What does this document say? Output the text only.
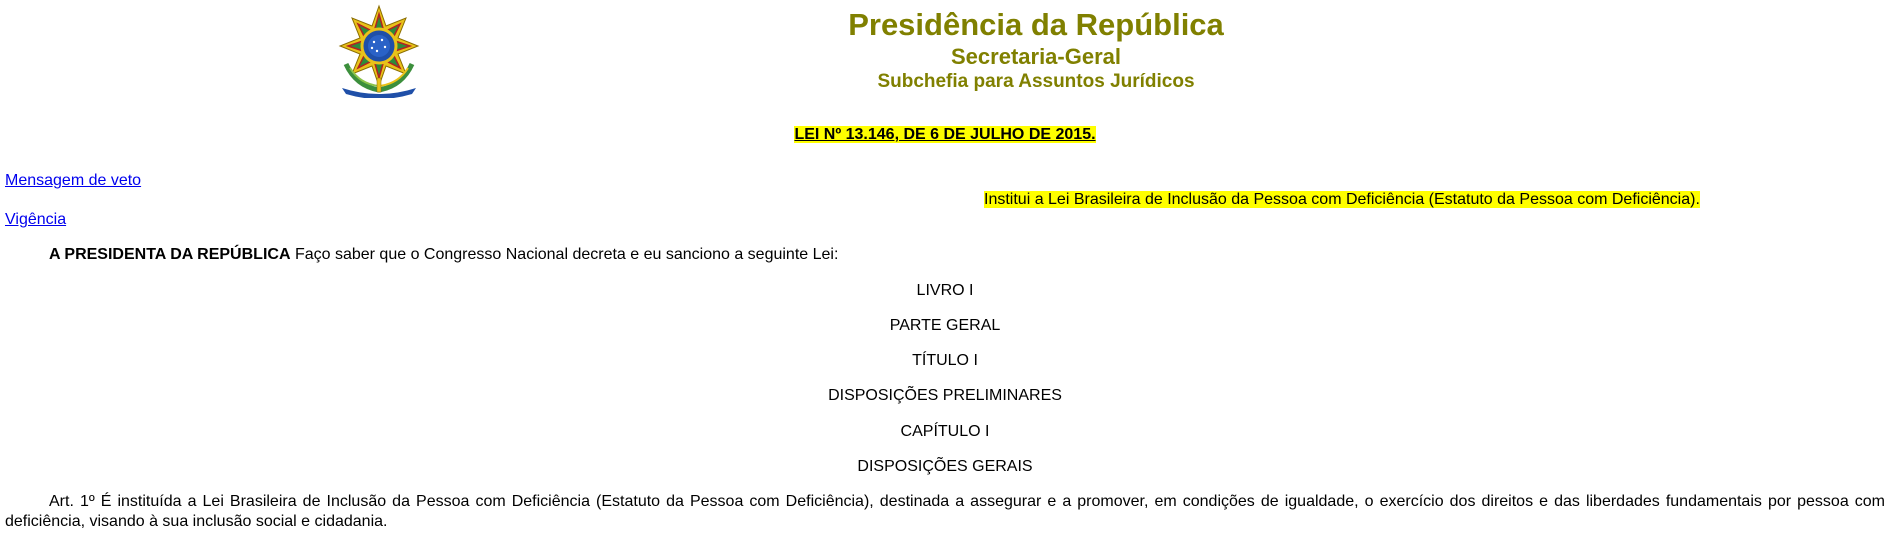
Presidência da República
Secretaria-Geral
Subchefia para Assuntos Jurídicos
LEI Nº 13.146, DE 6 DE JULHO DE 2015.
Mensagem de veto
Vigência
Institui a Lei Brasileira de Inclusão da Pessoa com Deficiência (Estatuto da Pessoa com Deficiência).
A PRESIDENTA DA REPÚBLICA Faço saber que o Congresso Nacional decreta e eu sanciono a seguinte Lei:
LIVRO I
PARTE GERAL
TÍTULO I
DISPOSIÇÕES PRELIMINARES
CAPÍTULO I
DISPOSIÇÕES GERAIS
Art. 1º É instituída a Lei Brasileira de Inclusão da Pessoa com Deficiência (Estatuto da Pessoa com Deficiência), destinada a assegurar e a promover, em condições de igualdade, o exercício dos direitos e das liberdades fundamentais por pessoa com deficiência, visando à sua inclusão social e cidadania.
